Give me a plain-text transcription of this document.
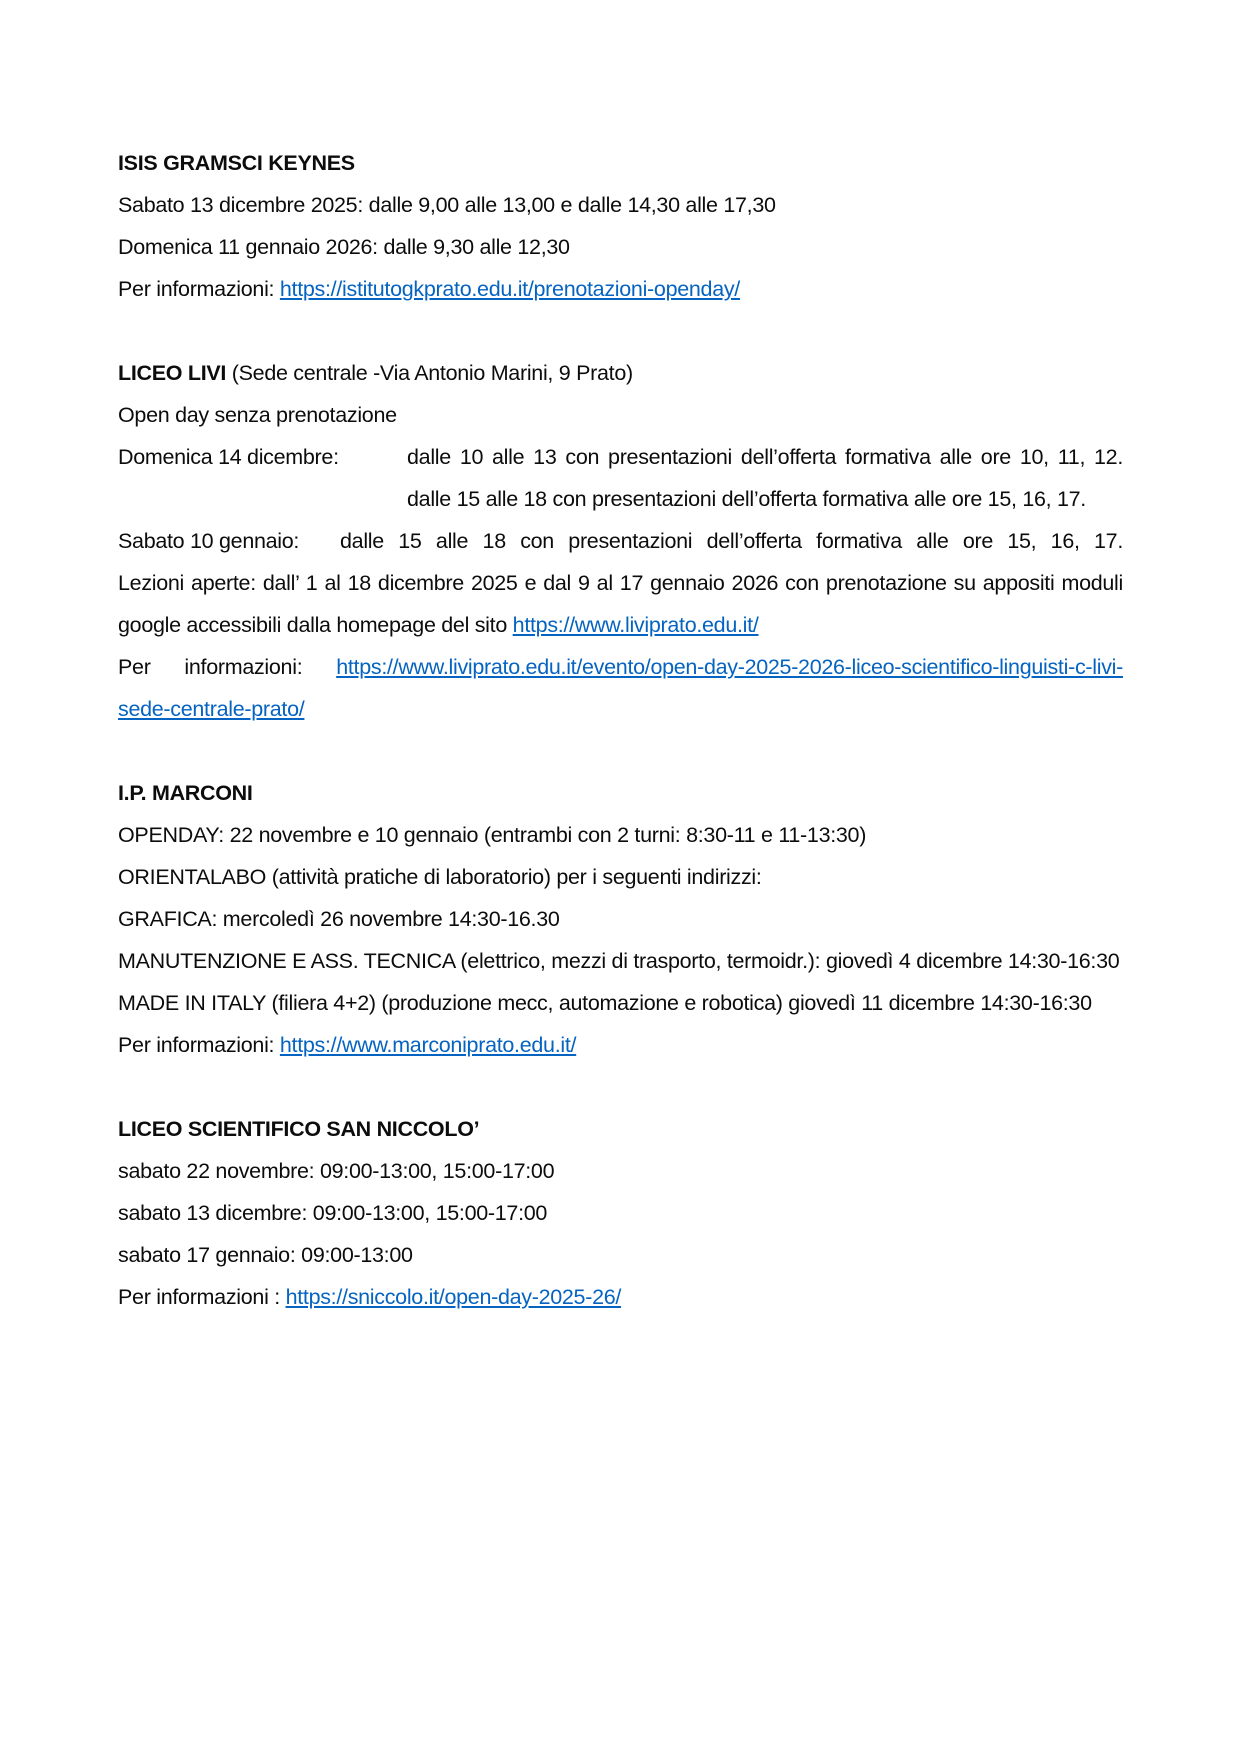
ISIS GRAMSCI KEYNES
Sabato 13 dicembre 2025: dalle 9,00 alle 13,00 e dalle 14,30 alle 17,30
Domenica 11 gennaio 2026: dalle 9,30 alle 12,30
Per informazioni: https://istitutogkprato.edu.it/prenotazioni-openday/
LICEO LIVI (Sede centrale -Via Antonio Marini, 9 Prato)
Open day senza prenotazione
Domenica 14 dicembre:	dalle 10 alle 13 con presentazioni dell’offerta formativa alle ore 10, 11, 12.
dalle 15 alle 18 con presentazioni dell’offerta formativa alle ore 15, 16, 17.
Sabato 10 gennaio:	dalle 15 alle 18 con presentazioni dell’offerta formativa alle ore 15, 16, 17.
Lezioni aperte: dall’ 1 al 18 dicembre 2025 e dal 9 al 17 gennaio 2026 con prenotazione su appositi moduli
google accessibili dalla homepage del sito https://www.liviprato.edu.it/
Per informazioni: https://www.liviprato.edu.it/evento/open-day-2025-2026-liceo-scientifico-linguisti-c-livi-
sede-centrale-prato/
I.P. MARCONI
OPENDAY: 22 novembre e 10 gennaio (entrambi con 2 turni: 8:30-11 e 11-13:30)
ORIENTALABO (attività pratiche di laboratorio) per i seguenti indirizzi:
GRAFICA: mercoledì 26 novembre 14:30-16.30
MANUTENZIONE E ASS. TECNICA (elettrico, mezzi di trasporto, termoidr.): giovedì 4 dicembre 14:30-16:30
MADE IN ITALY (filiera 4+2) (produzione mecc, automazione e robotica) giovedì 11 dicembre 14:30-16:30
Per informazioni: https://www.marconiprato.edu.it/
LICEO SCIENTIFICO SAN NICCOLO’
sabato 22 novembre: 09:00-13:00, 15:00-17:00
sabato 13 dicembre: 09:00-13:00, 15:00-17:00
sabato 17 gennaio: 09:00-13:00
Per informazioni : https://sniccolo.it/open-day-2025-26/
